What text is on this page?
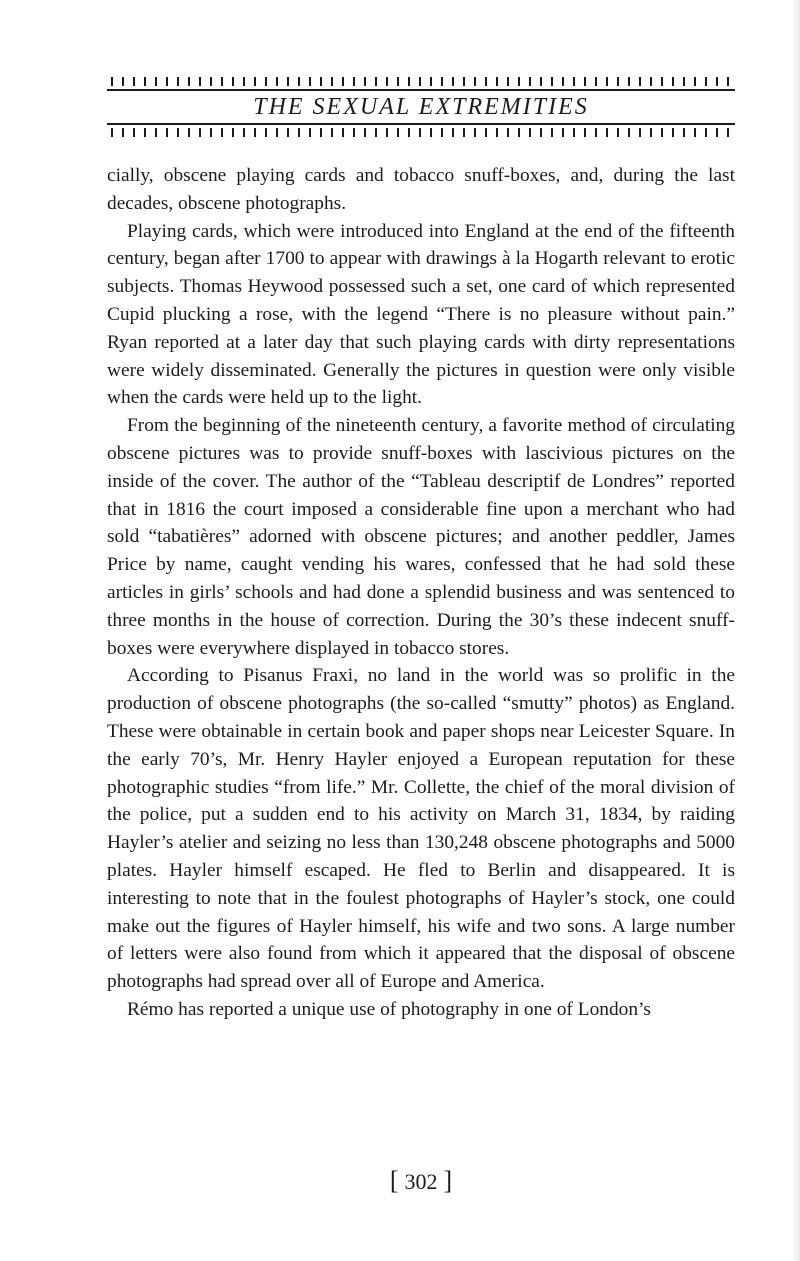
THE SEXUAL EXTREMITIES

cially, obscene playing cards and tobacco snuff-boxes, and, during the last decades, obscene photographs.

Playing cards, which were introduced into England at the end of the fifteenth century, began after 1700 to appear with drawings à la Hogarth relevant to erotic subjects. Thomas Heywood possessed such a set, one card of which represented Cupid plucking a rose, with the legend “There is no pleasure without pain.” Ryan reported at a later day that such playing cards with dirty representations were widely disseminated. Generally the pictures in question were only visible when the cards were held up to the light.

From the beginning of the nineteenth century, a favorite method of circulating obscene pictures was to provide snuff-boxes with lascivious pictures on the inside of the cover. The author of the “Tableau descriptif de Londres” reported that in 1816 the court imposed a considerable fine upon a merchant who had sold “tabatières” adorned with obscene pictures; and another peddler, James Price by name, caught vending his wares, confessed that he had sold these articles in girls’ schools and had done a splendid business and was sentenced to three months in the house of correction. During the 30’s these indecent snuff-boxes were everywhere displayed in tobacco stores.

According to Pisanus Fraxi, no land in the world was so prolific in the production of obscene photographs (the so-called “smutty” photos) as England. These were obtainable in certain book and paper shops near Leicester Square. In the early 70’s, Mr. Henry Hayler enjoyed a European reputation for these photographic studies “from life.” Mr. Collette, the chief of the moral division of the police, put a sudden end to his activity on March 31, 1834, by raiding Hayler’s atelier and seizing no less than 130,248 obscene photographs and 5000 plates. Hayler himself escaped. He fled to Berlin and disappeared. It is interesting to note that in the foulest photographs of Hayler’s stock, one could make out the figures of Hayler himself, his wife and two sons. A large number of letters were also found from which it appeared that the disposal of obscene photographs had spread over all of Europe and America.

Rémo has reported a unique use of photography in one of London’s

[ 302 ]
